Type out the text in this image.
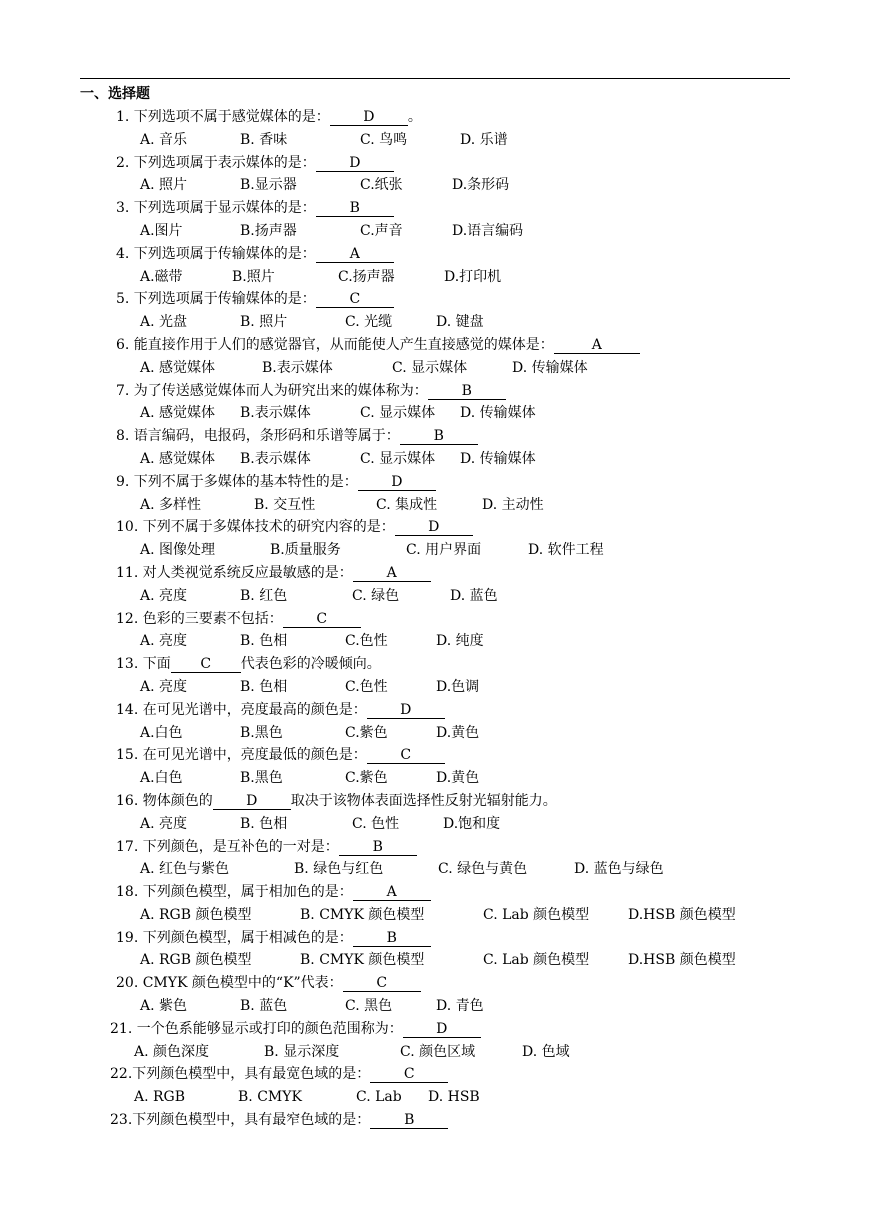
一、选择题
1. 下列选项不属于感觉媒体的是： D 。
A. 音乐	B. 香味	C. 鸟鸣	D. 乐谱
2. 下列选项属于表示媒体的是： D
A. 照片	B.显示器	C.纸张	D.条形码
3. 下列选项属于显示媒体的是： B
A.图片	B.扬声器	C.声音	D.语言编码
4. 下列选项属于传输媒体的是： A
A.磁带	B.照片	C.扬声器	D.打印机
5. 下列选项属于传输媒体的是： C
A. 光盘	B. 照片	C. 光缆	D. 键盘
6. 能直接作用于人们的感觉器官，从而能使人产生直接感觉的媒体是：	A
A. 感觉媒体	B.表示媒体	C. 显示媒体	D. 传输媒体
7. 为了传送感觉媒体而人为研究出来的媒体称为： B
A. 感觉媒体 B.表示媒体	C. 显示媒体 D. 传输媒体
8. 语言编码，电报码，条形码和乐谱等属于： B
A. 感觉媒体 B.表示媒体	C. 显示媒体 D. 传输媒体
9. 下列不属于多媒体的基本特性的是： D
A. 多样性	B. 交互性	C. 集成性	D. 主动性
10. 下列不属于多媒体技术的研究内容的是： D
A. 图像处理	B.质量服务	C. 用户界面	D. 软件工程
11. 对人类视觉系统反应最敏感的是： A
A. 亮度	B. 红色	C. 绿色	D. 蓝色
12. 色彩的三要素不包括： C
A. 亮度	B. 色相	C.色性	D. 纯度
13. 下面 C 代表色彩的冷暖倾向。
A. 亮度	B. 色相	C.色性	D.色调
14. 在可见光谱中，亮度最高的颜色是： D
A.白色	B.黑色	C.紫色	D.黄色
15. 在可见光谱中，亮度最低的颜色是： C
A.白色	B.黑色	C.紫色	D.黄色
16. 物体颜色的 D 取决于该物体表面选择性反射光辐射能力。
A. 亮度	B. 色相	C. 色性	D.饱和度
17. 下列颜色，是互补色的一对是： B
A. 红色与紫色	B. 绿色与红色	C. 绿色与黄色	D. 蓝色与绿色
18. 下列颜色模型，属于相加色的是： A
A. RGB 颜色模型	B. CMYK 颜色模型	C. Lab 颜色模型	D.HSB 颜色模型
19. 下列颜色模型，属于相减色的是： B
A. RGB 颜色模型	B. CMYK 颜色模型	C. Lab 颜色模型	D.HSB 颜色模型
20. CMYK 颜色模型中的“K”代表： C
A. 紫色	B. 蓝色	C. 黑色	D. 青色
21. 一个色系能够显示或打印的颜色范围称为： D
A. 颜色深度	B. 显示深度	C. 颜色区域	D. 色域
22.下列颜色模型中，具有最宽色域的是： C
A. RGB	B. CMYK	C. Lab D. HSB
23.下列颜色模型中，具有最窄色域的是： B
